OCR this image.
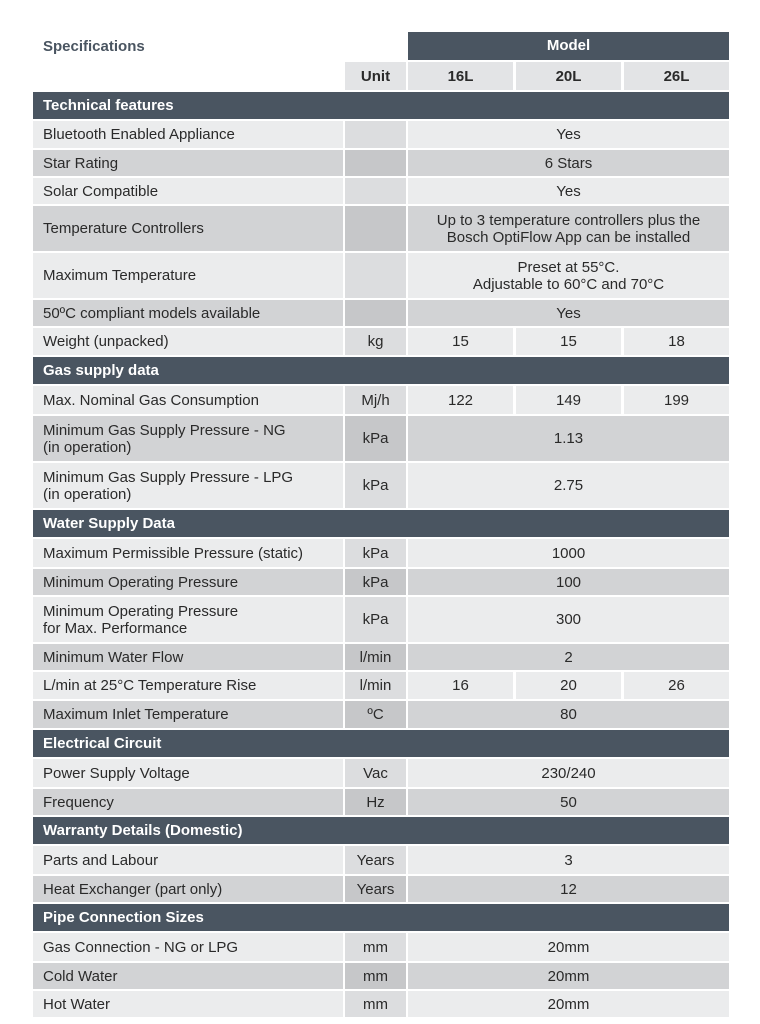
Specifications	Model
Unit	16L	20L	26L
Technical features
Bluetooth Enabled Appliance	Yes
Star Rating	6 Stars
Solar Compatible	Yes
Temperature Controllers	Up to 3 temperature controllers plus the
Bosch OptiFlow App can be installed
Maximum Temperature	Preset at 55°C.
Adjustable to 60°C and 70°C
50ºC compliant models available	Yes
Weight (unpacked)	kg	15	15	18
Gas supply data
Max. Nominal Gas Consumption	Mj/h	122	149	199
Minimum Gas Supply Pressure - NG
(in operation)	kPa	1.13
Minimum Gas Supply Pressure - LPG
(in operation)	kPa	2.75
Water Supply Data
Maximum Permissible Pressure (static)	kPa	1000
Minimum Operating Pressure	kPa	100
Minimum Operating Pressure
for Max. Performance	kPa	300
Minimum Water Flow	l/min	2
L/min at 25°C Temperature Rise	l/min	16	20	26
Maximum Inlet Temperature	ºC	80
Electrical Circuit
Power Supply Voltage	Vac	230/240
Frequency	Hz	50
Warranty Details (Domestic)
Parts and Labour	Years	3
Heat Exchanger (part only)	Years	12
Pipe Connection Sizes
Gas Connection - NG or LPG	mm	20mm
Cold Water	mm	20mm
Hot Water	mm	20mm
